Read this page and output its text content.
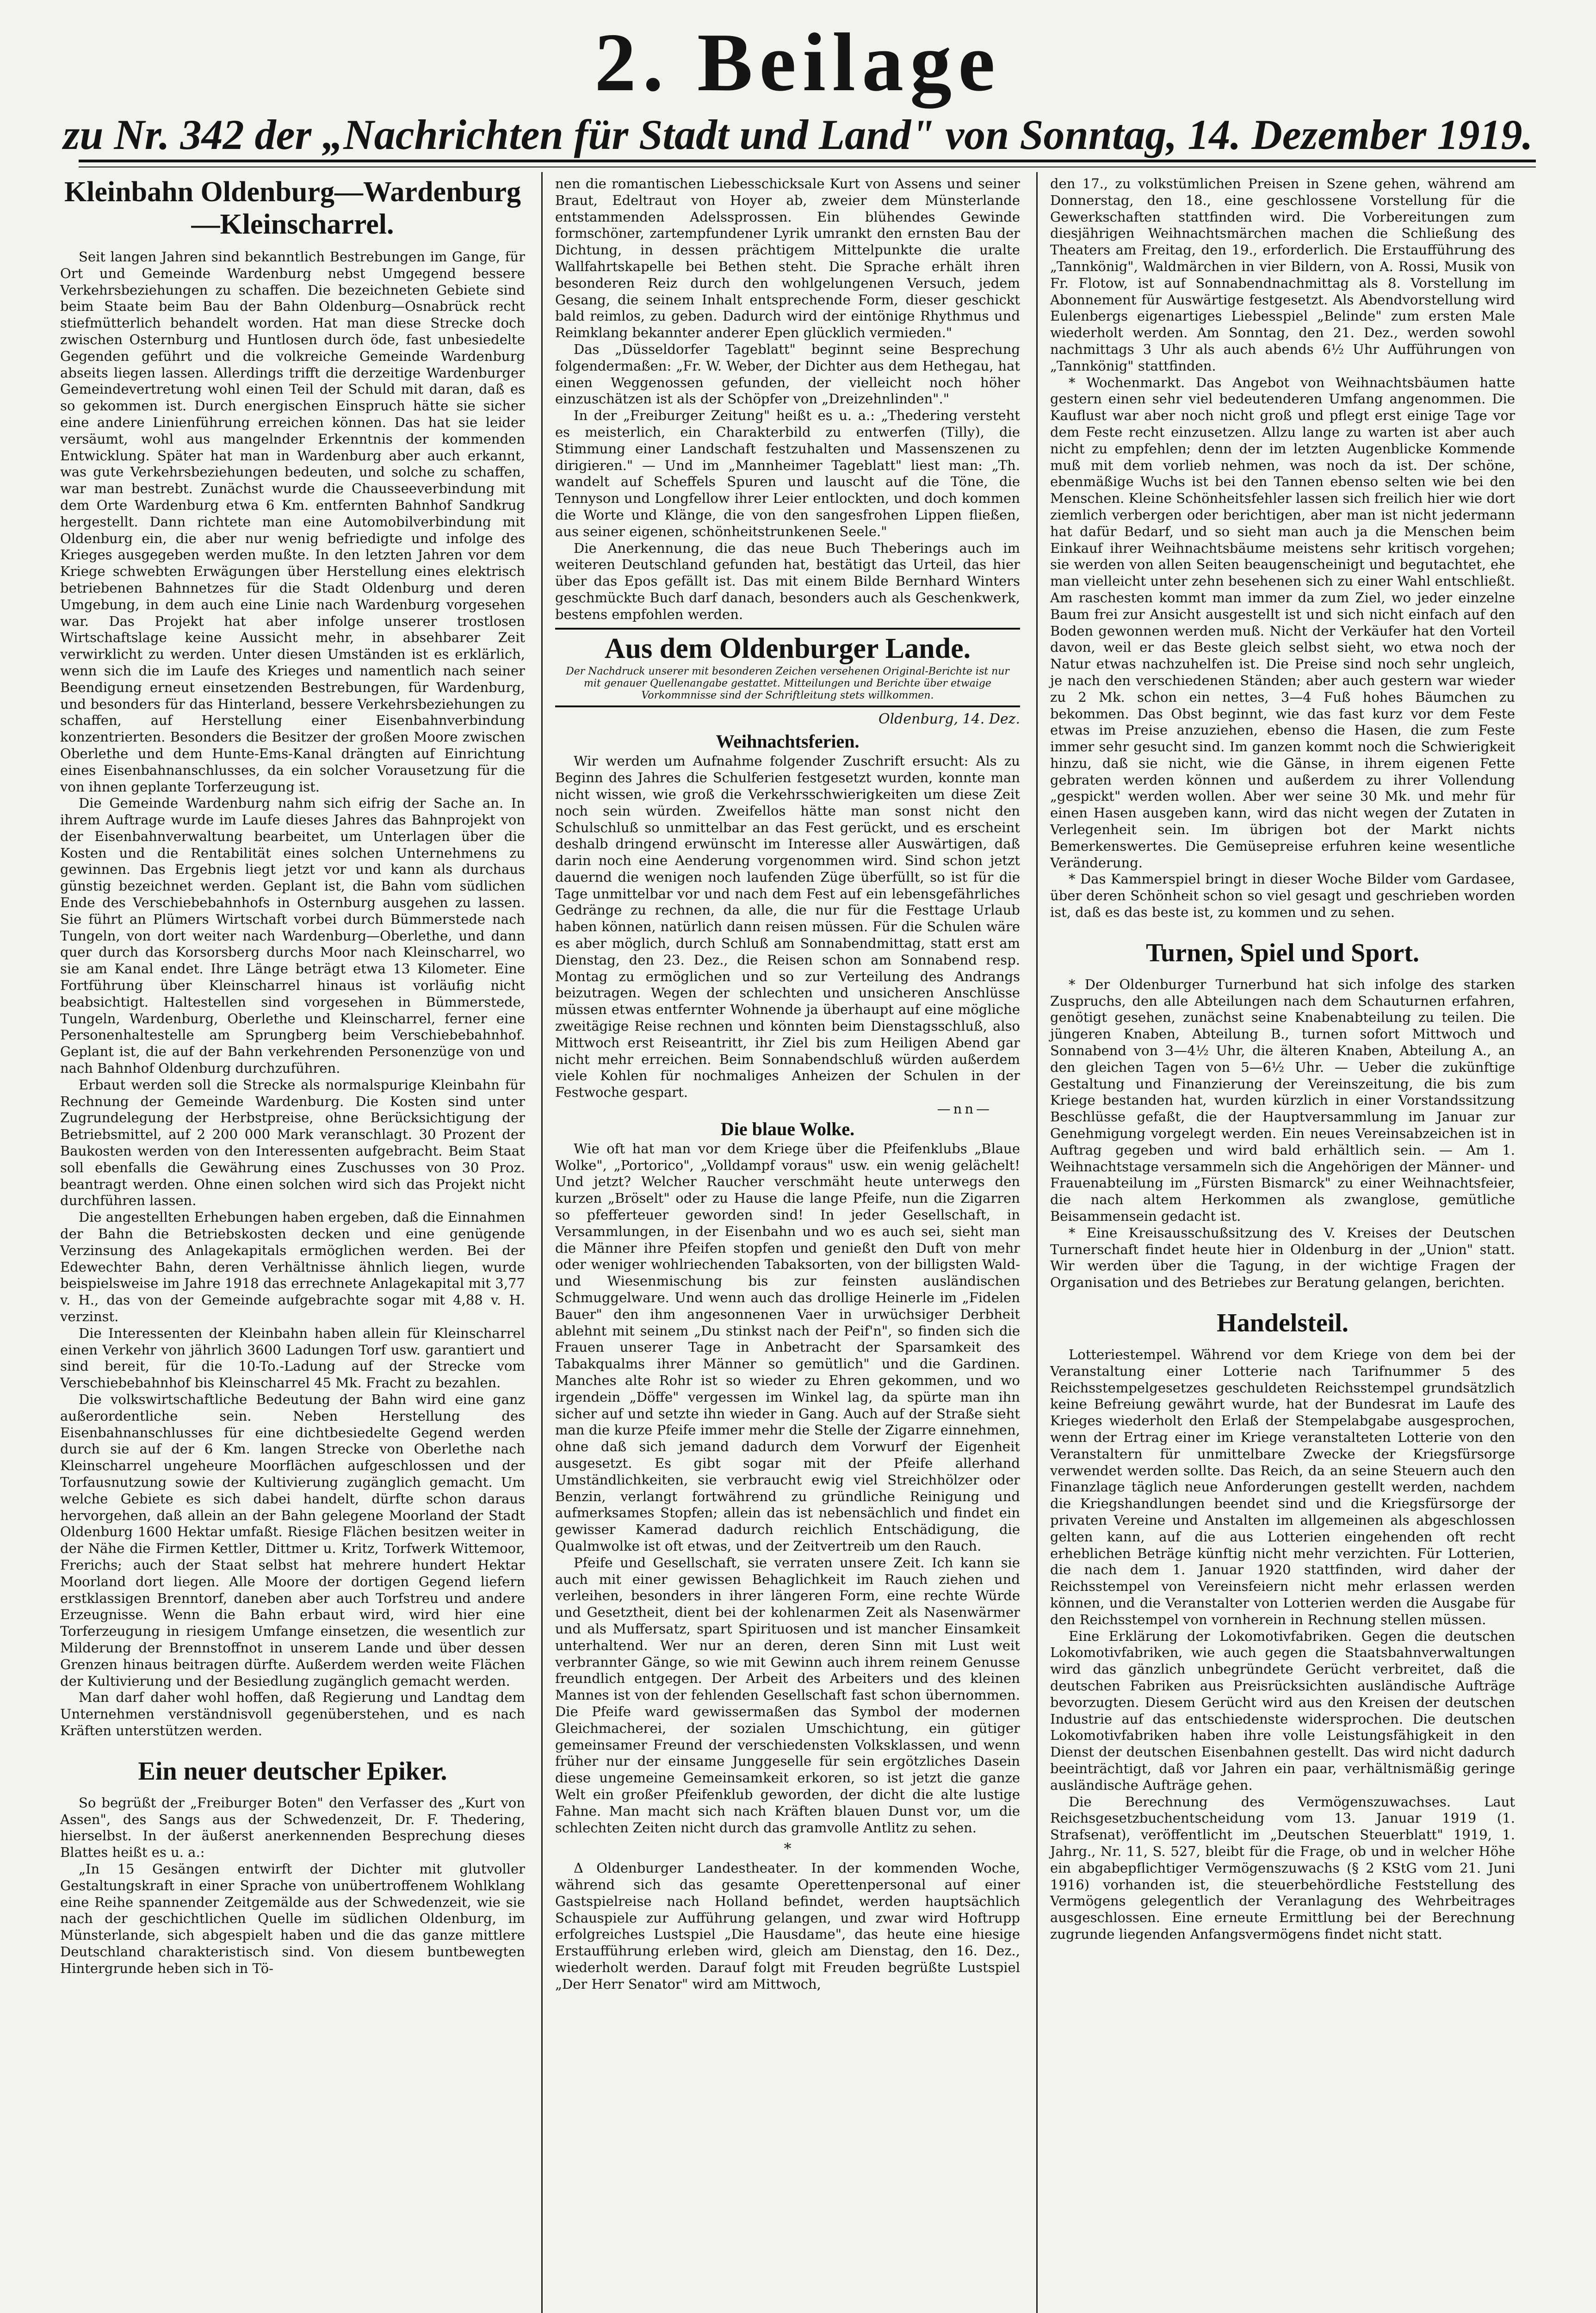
2. Beilage
zu Nr. 342 der „Nachrichten für Stadt und Land" von Sonntag, 14. Dezember 1919.
Kleinbahn Oldenburg—Wardenburg—Kleinscharrel.

Seit langen Jahren sind bekanntlich Bestrebungen im Gange, für Ort und Gemeinde Wardenburg nebst Umgegend bessere Verkehrsbeziehungen zu schaffen. Die bezeichneten Gebiete sind beim Staate beim Bau der Bahn Oldenburg—Osnabrück recht stiefmütterlich behandelt worden. Hat man diese Strecke doch zwischen Osternburg und Huntlosen durch öde, fast unbesiedelte Gegenden geführt und die volkreiche Gemeinde Wardenburg abseits liegen lassen. Allerdings trifft die derzeitige Wardenburger Gemeindevertretung wohl einen Teil der Schuld mit daran, daß es so gekommen ist. Durch energischen Einspruch hätte sie sicher eine andere Linienführung erreichen können. Das hat sie leider versäumt, wohl aus mangelnder Erkenntnis der kommenden Entwicklung. Später hat man in Wardenburg aber auch erkannt, was gute Verkehrsbeziehungen bedeuten, und solche zu schaffen, war man bestrebt. Zunächst wurde die Chausseeverbindung mit dem Orte Wardenburg etwa 6 Km. entfernten Bahnhof Sandkrug hergestellt. Dann richtete man eine Automobilverbindung mit Oldenburg ein, die aber nur wenig befriedigte und infolge des Krieges ausgegeben werden mußte. In den letzten Jahren vor dem Kriege schwebten Erwägungen über Herstellung eines elektrisch betriebenen Bahnnetzes für die Stadt Oldenburg und deren Umgebung, in dem auch eine Linie nach Wardenburg vorgesehen war. Das Projekt hat aber infolge unserer trostlosen Wirtschaftslage keine Aussicht mehr, in absehbarer Zeit verwirklicht zu werden. Unter diesen Umständen ist es erklärlich, wenn sich die im Laufe des Krieges und namentlich nach seiner Beendigung erneut einsetzenden Bestrebungen, für Wardenburg, und besonders für das Hinterland, bessere Verkehrsbeziehungen zu schaffen, auf Herstellung einer Eisenbahnverbindung konzentrierten. Besonders die Besitzer der großen Moore zwischen Oberlethe und dem Hunte-Ems-Kanal drängten auf Einrichtung eines Eisenbahnanschlusses, da ein solcher Vorausetzung für die von ihnen geplante Torferzeugung ist.

Die Gemeinde Wardenburg nahm sich eifrig der Sache an. In ihrem Auftrage wurde im Laufe dieses Jahres das Bahnprojekt von der Eisenbahnverwaltung bearbeitet, um Unterlagen über die Kosten und die Rentabilität eines solchen Unternehmens zu gewinnen. Das Ergebnis liegt jetzt vor und kann als durchaus günstig bezeichnet werden. Geplant ist, die Bahn vom südlichen Ende des Verschiebebahnhofs in Osternburg ausgehen zu lassen. Sie führt an Plümers Wirtschaft vorbei durch Bümmerstede nach Tungeln, von dort weiter nach Wardenburg—Oberlethe, und dann quer durch das Korsorsberg durchs Moor nach Kleinscharrel, wo sie am Kanal endet. Ihre Länge beträgt etwa 13 Kilometer. Eine Fortführung über Kleinscharrel hinaus ist vorläufig nicht beabsichtigt. Haltestellen sind vorgesehen in Bümmerstede, Tungeln, Wardenburg, Oberlethe und Kleinscharrel, ferner eine Personenhaltestelle am Sprungberg beim Verschiebebahnhof. Geplant ist, die auf der Bahn verkehrenden Personenzüge von und nach Bahnhof Oldenburg durchzuführen.

Erbaut werden soll die Strecke als normalspurige Kleinbahn für Rechnung der Gemeinde Wardenburg. Die Kosten sind unter Zugrundelegung der Herbstpreise, ohne Berücksichtigung der Betriebsmittel, auf 2 200 000 Mark veranschlagt. 30 Prozent der Baukosten werden von den Interessenten aufgebracht. Beim Staat soll ebenfalls die Gewährung eines Zuschusses von 30 Proz. beantragt werden. Ohne einen solchen wird sich das Projekt nicht durchführen lassen.

Die angestellten Erhebungen haben ergeben, daß die Einnahmen der Bahn die Betriebskosten decken und eine genügende Verzinsung des Anlagekapitals ermöglichen werden. Bei der Edewechter Bahn, deren Verhältnisse ähnlich liegen, wurde beispielsweise im Jahre 1918 das errechnete Anlagekapital mit 3,77 v. H., das von der Gemeinde aufgebrachte sogar mit 4,88 v. H. verzinst.

Die Interessenten der Kleinbahn haben allein für Kleinscharrel einen Verkehr von jährlich 3600 Ladungen Torf usw. garantiert und sind bereit, für die 10-To.-Ladung auf der Strecke vom Verschiebebahnhof bis Kleinscharrel 45 Mk. Fracht zu bezahlen.

Die volkswirtschaftliche Bedeutung der Bahn wird eine ganz außerordentliche sein. Neben Herstellung des Eisenbahnanschlusses für eine dichtbesiedelte Gegend werden durch sie auf der 6 Km. langen Strecke von Oberlethe nach Kleinscharrel ungeheure Moorflächen aufgeschlossen und der Torfausnutzung sowie der Kultivierung zugänglich gemacht. Um welche Gebiete es sich dabei handelt, dürfte schon daraus hervorgehen, daß allein an der Bahn gelegene Moorland der Stadt Oldenburg 1600 Hektar umfaßt. Riesige Flächen besitzen weiter in der Nähe die Firmen Kettler, Dittmer u. Kritz, Torfwerk Wittemoor, Frerichs; auch der Staat selbst hat mehrere hundert Hektar Moorland dort liegen. Alle Moore der dortigen Gegend liefern erstklassigen Brenntorf, daneben aber auch Torfstreu und andere Erzeugnisse. Wenn die Bahn erbaut wird, wird hier eine Torferzeugung in riesigem Umfange einsetzen, die wesentlich zur Milderung der Brennstoffnot in unserem Lande und über dessen Grenzen hinaus beitragen dürfte. Außerdem werden weite Flächen der Kultivierung und der Besiedlung zugänglich gemacht werden.

Man darf daher wohl hoffen, daß Regierung und Landtag dem Unternehmen verständnisvoll gegenüberstehen, und es nach Kräften unterstützen werden.

Ein neuer deutscher Epiker.

So begrüßt der „Freiburger Boten" den Verfasser des „Kurt von Assen", des Sangs aus der Schwedenzeit, Dr. F. Thedering, hierselbst. In der äußerst anerkennenden Besprechung dieses Blattes heißt es u. a.:

„In 15 Gesängen entwirft der Dichter mit glutvoller Gestaltungskraft in einer Sprache von unübertroffenem Wohlklang eine Reihe spannender Zeitgemälde aus der Schwedenzeit, wie sie nach der geschichtlichen Quelle im südlichen Oldenburg, im Münsterlande, sich abgespielt haben und die das ganze mittlere Deutschland charakteristisch sind. Von diesem buntbewegten Hintergrunde heben sich in Tö-

nen die romantischen Liebesschicksale Kurt von Assens und seiner Braut, Edeltraut von Hoyer ab, zweier dem Münsterlande entstammenden Adelssprossen. Ein blühendes Gewinde formschöner, zartempfundener Lyrik umrankt den ernsten Bau der Dichtung, in dessen prächtigem Mittelpunkte die uralte Wallfahrtskapelle bei Bethen steht. Die Sprache erhält ihren besonderen Reiz durch den wohlgelungenen Versuch, jedem Gesang, die seinem Inhalt entsprechende Form, dieser geschickt bald reimlos, zu geben. Dadurch wird der eintönige Rhythmus und Reimklang bekannter anderer Epen glücklich vermieden."

Das „Düsseldorfer Tageblatt" beginnt seine Besprechung folgendermaßen: „Fr. W. Weber, der Dichter aus dem Hethegau, hat einen Weggenossen gefunden, der vielleicht noch höher einzuschätzen ist als der Schöpfer von „Dreizehnlinden"."

In der „Freiburger Zeitung" heißt es u. a.: „Thedering versteht es meisterlich, ein Charakterbild zu entwerfen (Tilly), die Stimmung einer Landschaft festzuhalten und Massenszenen zu dirigieren." — Und im „Mannheimer Tageblatt" liest man: „Th. wandelt auf Scheffels Spuren und lauscht auf die Töne, die Tennyson und Longfellow ihrer Leier entlockten, und doch kommen die Worte und Klänge, die von den sangesfrohen Lippen fließen, aus seiner eigenen, schönheitstrunkenen Seele."

Die Anerkennung, die das neue Buch Theberings auch im weiteren Deutschland gefunden hat, bestätigt das Urteil, das hier über das Epos gefällt ist. Das mit einem Bilde Bernhard Winters geschmückte Buch darf danach, besonders auch als Geschenkwerk, bestens empfohlen werden.

Aus dem Oldenburger Lande.
Der Nachdruck unserer mit besonderen Zeichen versehenen Original-Berichte ist nur mit genauer Quellenangabe gestattet. Mitteilungen und Berichte über etwaige Vorkommnisse sind der Schriftleitung stets willkommen.
Oldenburg, 14. Dez.
Weihnachtsferien.

Wir werden um Aufnahme folgender Zuschrift ersucht: Als zu Beginn des Jahres die Schulferien festgesetzt wurden, konnte man nicht wissen, wie groß die Verkehrsschwierigkeiten um diese Zeit noch sein würden. Zweifellos hätte man sonst nicht den Schulschluß so unmittelbar an das Fest gerückt, und es erscheint deshalb dringend erwünscht im Interesse aller Auswärtigen, daß darin noch eine Aenderung vorgenommen wird. Sind schon jetzt dauernd die wenigen noch laufenden Züge überfüllt, so ist für die Tage unmittelbar vor und nach dem Fest auf ein lebensgefährliches Gedränge zu rechnen, da alle, die nur für die Festtage Urlaub haben können, natürlich dann reisen müssen. Für die Schulen wäre es aber möglich, durch Schluß am Sonnabendmittag, statt erst am Dienstag, den 23. Dez., die Reisen schon am Sonnabend resp. Montag zu ermöglichen und so zur Verteilung des Andrangs beizutragen. Wegen der schlechten und unsicheren Anschlüsse müssen etwas entfernter Wohnende ja überhaupt auf eine mögliche zweitägige Reise rechnen und könnten beim Dienstagsschluß, also Mittwoch erst Reiseantritt, ihr Ziel bis zum Heiligen Abend gar nicht mehr erreichen. Beim Sonnabendschluß würden außerdem viele Kohlen für nochmaliges Anheizen der Schulen in der Festwoche gespart.

—nn—
Die blaue Wolke.

Wie oft hat man vor dem Kriege über die Pfeifenklubs „Blaue Wolke", „Portorico", „Volldampf voraus" usw. ein wenig gelächelt! Und jetzt? Welcher Raucher verschmäht heute unterwegs den kurzen „Bröselt" oder zu Hause die lange Pfeife, nun die Zigarren so pfefferteuer geworden sind! In jeder Gesellschaft, in Versammlungen, in der Eisenbahn und wo es auch sei, sieht man die Männer ihre Pfeifen stopfen und genießt den Duft von mehr oder weniger wohlriechenden Tabaksorten, von der billigsten Wald- und Wiesenmischung bis zur feinsten ausländischen Schmuggelware. Und wenn auch das drollige Heinerle im „Fidelen Bauer" den ihm angesonnenen Vaer in urwüchsiger Derbheit ablehnt mit seinem „Du stinkst nach der Peif'n", so finden sich die Frauen unserer Tage in Anbetracht der Sparsamkeit des Tabakqualms ihrer Männer so gemütlich" und die Gardinen. Manches alte Rohr ist so wieder zu Ehren gekommen, und wo irgendein „Döffe" vergessen im Winkel lag, da spürte man ihn sicher auf und setzte ihn wieder in Gang. Auch auf der Straße sieht man die kurze Pfeife immer mehr die Stelle der Zigarre einnehmen, ohne daß sich jemand dadurch dem Vorwurf der Eigenheit ausgesetzt. Es gibt sogar mit der Pfeife allerhand Umständlichkeiten, sie verbraucht ewig viel Streichhölzer oder Benzin, verlangt fortwährend zu gründliche Reinigung und aufmerksames Stopfen; allein das ist nebensächlich und findet ein gewisser Kamerad dadurch reichlich Entschädigung, die Qualmwolke ist oft etwas, und der Zeitvertreib um den Rauch.

Pfeife und Gesellschaft, sie verraten unsere Zeit. Ich kann sie auch mit einer gewissen Behaglichkeit im Rauch ziehen und verleihen, besonders in ihrer längeren Form, eine rechte Würde und Gesetztheit, dient bei der kohlenarmen Zeit als Nasenwärmer und als Muffersatz, spart Spirituosen und ist mancher Einsamkeit unterhaltend. Wer nur an deren, deren Sinn mit Lust weit verbrannter Gänge, so wie mit Gewinn auch ihrem reinem Genusse freundlich entgegen. Der Arbeit des Arbeiters und des kleinen Mannes ist von der fehlenden Gesellschaft fast schon übernommen. Die Pfeife ward gewissermaßen das Symbol der modernen Gleichmacherei, der sozialen Umschichtung, ein gütiger gemeinsamer Freund der verschiedensten Volksklassen, und wenn früher nur der einsame Junggeselle für sein ergötzliches Dasein diese ungemeine Gemeinsamkeit erkoren, so ist jetzt die ganze Welt ein großer Pfeifenklub geworden, der dicht die alte lustige Fahne. Man macht sich nach Kräften blauen Dunst vor, um die schlechten Zeiten nicht durch das gramvolle Antlitz zu sehen.

*

Δ Oldenburger Landestheater. In der kommenden Woche, während sich das gesamte Operettenpersonal auf einer Gastspielreise nach Holland befindet, werden hauptsächlich Schauspiele zur Aufführung gelangen, und zwar wird Hoftrupp erfolgreiches Lustspiel „Die Hausdame", das heute eine hiesige Erstaufführung erleben wird, gleich am Dienstag, den 16. Dez., wiederholt werden. Darauf folgt mit Freuden begrüßte Lustspiel „Der Herr Senator" wird am Mittwoch,

den 17., zu volkstümlichen Preisen in Szene gehen, während am Donnerstag, den 18., eine geschlossene Vorstellung für die Gewerkschaften stattfinden wird. Die Vorbereitungen zum diesjährigen Weihnachtsmärchen machen die Schließung des Theaters am Freitag, den 19., erforderlich. Die Erstaufführung des „Tannkönig", Waldmärchen in vier Bildern, von A. Rossi, Musik von Fr. Flotow, ist auf Sonnabendnachmittag als 8. Vorstellung im Abonnement für Auswärtige festgesetzt. Als Abendvorstellung wird Eulenbergs eigenartiges Liebesspiel „Belinde" zum ersten Male wiederholt werden. Am Sonntag, den 21. Dez., werden sowohl nachmittags 3 Uhr als auch abends 6½ Uhr Aufführungen von „Tannkönig" stattfinden.

* Wochenmarkt. Das Angebot von Weihnachtsbäumen hatte gestern einen sehr viel bedeutenderen Umfang angenommen. Die Kauflust war aber noch nicht groß und pflegt erst einige Tage vor dem Feste recht einzusetzen. Allzu lange zu warten ist aber auch nicht zu empfehlen; denn der im letzten Augenblicke Kommende muß mit dem vorlieb nehmen, was noch da ist. Der schöne, ebenmäßige Wuchs ist bei den Tannen ebenso selten wie bei den Menschen. Kleine Schönheitsfehler lassen sich freilich hier wie dort ziemlich verbergen oder berichtigen, aber man ist nicht jedermann hat dafür Bedarf, und so sieht man auch ja die Menschen beim Einkauf ihrer Weihnachtsbäume meistens sehr kritisch vorgehen; sie werden von allen Seiten beaugenscheinigt und begutachtet, ehe man vielleicht unter zehn besehenen sich zu einer Wahl entschließt. Am raschesten kommt man immer da zum Ziel, wo jeder einzelne Baum frei zur Ansicht ausgestellt ist und sich nicht einfach auf den Boden gewonnen werden muß. Nicht der Verkäufer hat den Vorteil davon, weil er das Beste gleich selbst sieht, wo etwa noch der Natur etwas nachzuhelfen ist. Die Preise sind noch sehr ungleich, je nach den verschiedenen Ständen; aber auch gestern war wieder zu 2 Mk. schon ein nettes, 3—4 Fuß hohes Bäumchen zu bekommen. Das Obst beginnt, wie das fast kurz vor dem Feste etwas im Preise anzuziehen, ebenso die Hasen, die zum Feste immer sehr gesucht sind. Im ganzen kommt noch die Schwierigkeit hinzu, daß sie nicht, wie die Gänse, in ihrem eigenen Fette gebraten werden können und außerdem zu ihrer Vollendung „gespickt" werden wollen. Aber wer seine 30 Mk. und mehr für einen Hasen ausgeben kann, wird das nicht wegen der Zutaten in Verlegenheit sein. Im übrigen bot der Markt nichts Bemerkenswertes. Die Gemüsepreise erfuhren keine wesentliche Veränderung.

* Das Kammerspiel bringt in dieser Woche Bilder vom Gardasee, über deren Schönheit schon so viel gesagt und geschrieben worden ist, daß es das beste ist, zu kommen und zu sehen.

Turnen, Spiel und Sport.

* Der Oldenburger Turnerbund hat sich infolge des starken Zuspruchs, den alle Abteilungen nach dem Schauturnen erfahren, genötigt gesehen, zunächst seine Knabenabteilung zu teilen. Die jüngeren Knaben, Abteilung B., turnen sofort Mittwoch und Sonnabend von 3—4½ Uhr, die älteren Knaben, Abteilung A., an den gleichen Tagen von 5—6½ Uhr. — Ueber die zukünftige Gestaltung und Finanzierung der Vereinszeitung, die bis zum Kriege bestanden hat, wurden kürzlich in einer Vorstandssitzung Beschlüsse gefaßt, die der Hauptversammlung im Januar zur Genehmigung vorgelegt werden. Ein neues Vereinsabzeichen ist in Auftrag gegeben und wird bald erhältlich sein. — Am 1. Weihnachtstage versammeln sich die Angehörigen der Männer- und Frauenabteilung im „Fürsten Bismarck" zu einer Weihnachtsfeier, die nach altem Herkommen als zwanglose, gemütliche Beisammensein gedacht ist.

* Eine Kreisausschußsitzung des V. Kreises der Deutschen Turnerschaft findet heute hier in Oldenburg in der „Union" statt. Wir werden über die Tagung, in der wichtige Fragen der Organisation und des Betriebes zur Beratung gelangen, berichten.

Handelsteil.

Lotteriestempel. Während vor dem Kriege von dem bei der Veranstaltung einer Lotterie nach Tarifnummer 5 des Reichsstempelgesetzes geschuldeten Reichsstempel grundsätzlich keine Befreiung gewährt wurde, hat der Bundesrat im Laufe des Krieges wiederholt den Erlaß der Stempelabgabe ausgesprochen, wenn der Ertrag einer im Kriege veranstalteten Lotterie von den Veranstaltern für unmittelbare Zwecke der Kriegsfürsorge verwendet werden sollte. Das Reich, da an seine Steuern auch den Finanzlage täglich neue Anforderungen gestellt werden, nachdem die Kriegshandlungen beendet sind und die Kriegsfürsorge der privaten Vereine und Anstalten im allgemeinen als abgeschlossen gelten kann, auf die aus Lotterien eingehenden oft recht erheblichen Beträge künftig nicht mehr verzichten. Für Lotterien, die nach dem 1. Januar 1920 stattfinden, wird daher der Reichsstempel von Vereinsfeiern nicht mehr erlassen werden können, und die Veranstalter von Lotterien werden die Ausgabe für den Reichsstempel von vornherein in Rechnung stellen müssen.

Eine Erklärung der Lokomotivfabriken. Gegen die deutschen Lokomotivfabriken, wie auch gegen die Staatsbahnverwaltungen wird das gänzlich unbegründete Gerücht verbreitet, daß die deutschen Fabriken aus Preisrücksichten ausländische Aufträge bevorzugten. Diesem Gerücht wird aus den Kreisen der deutschen Industrie auf das entschiedenste widersprochen. Die deutschen Lokomotivfabriken haben ihre volle Leistungsfähigkeit in den Dienst der deutschen Eisenbahnen gestellt. Das wird nicht dadurch beeinträchtigt, daß vor Jahren ein paar, verhältnismäßig geringe ausländische Aufträge gehen.

Die Berechnung des Vermögenszuwachses. Laut Reichsgesetzbuchentscheidung vom 13. Januar 1919 (1. Strafsenat), veröffentlicht im „Deutschen Steuerblatt" 1919, 1. Jahrg., Nr. 11, S. 527, bleibt für die Frage, ob und in welcher Höhe ein abgabepflichtiger Vermögenszuwachs (§ 2 KStG vom 21. Juni 1916) vorhanden ist, die steuerbehördliche Feststellung des Vermögens gelegentlich der Veranlagung des Wehrbeitrages ausgeschlossen. Eine erneute Ermittlung bei der Berechnung zugrunde liegenden Anfangsvermögens findet nicht statt.
